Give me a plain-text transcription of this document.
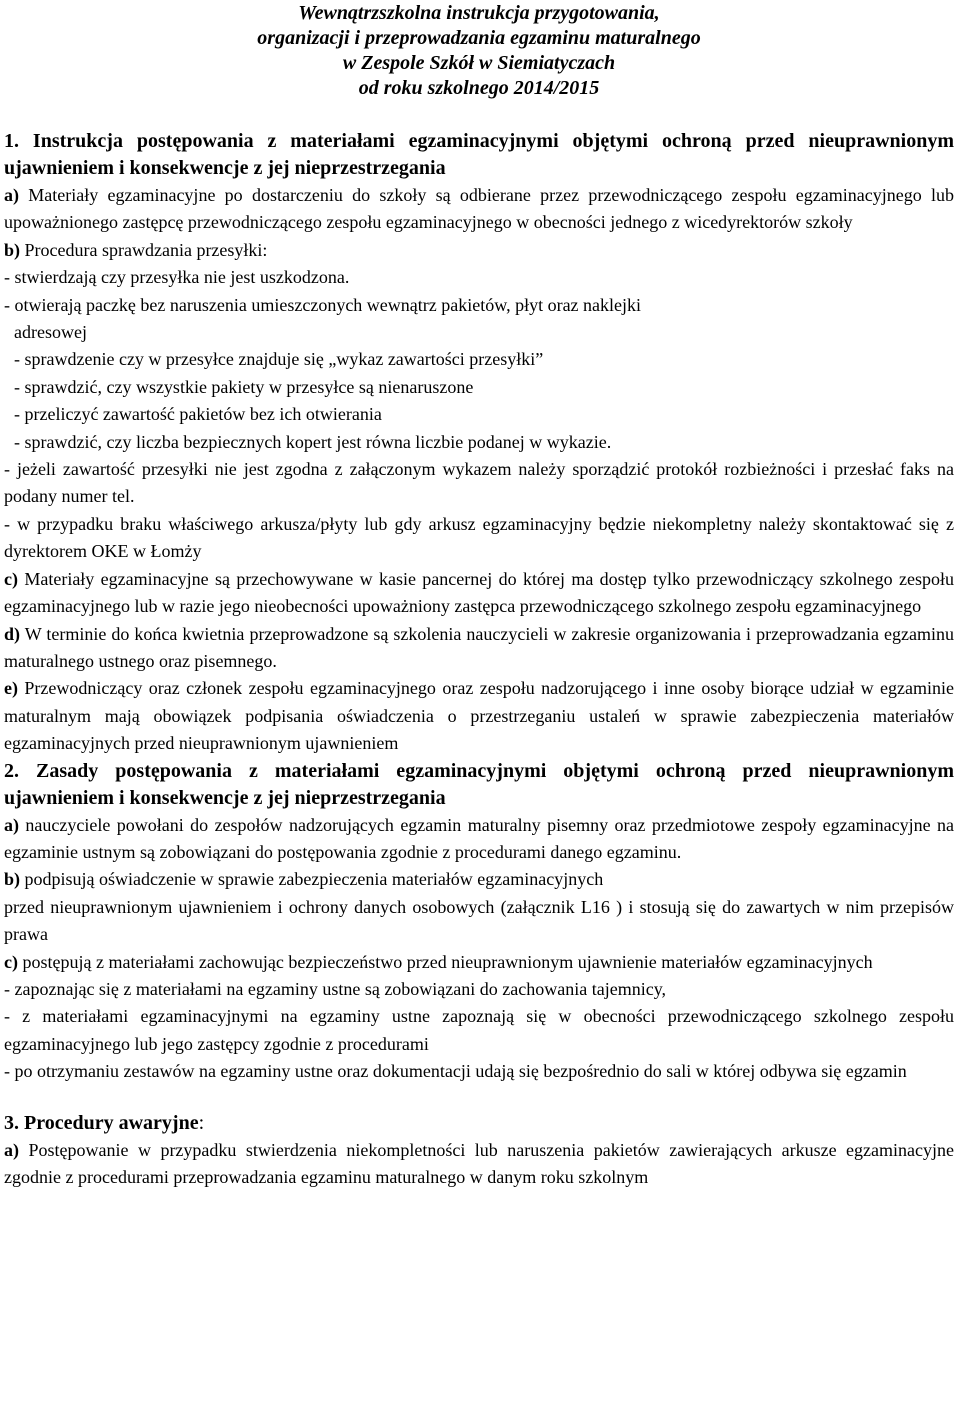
Wewnątrzszkolna instrukcja przygotowania,
organizacji i przeprowadzania egzaminu maturalnego
w Zespole Szkół w Siemiatyczach
od roku szkolnego 2014/2015
1. Instrukcja postępowania z materiałami egzaminacyjnymi objętymi ochroną przed nieuprawnionym ujawnieniem i konsekwencje z jej nieprzestrzegania

a) Materiały egzaminacyjne po dostarczeniu do szkoły są odbierane przez przewodniczącego zespołu egzaminacyjnego lub upoważnionego zastępcę przewodniczącego zespołu egzaminacyjnego w obecności jednego z wicedyrektorów szkoły

b) Procedura sprawdzania przesyłki:

- stwierdzają czy przesyłka nie jest uszkodzona.

- otwierają paczkę bez naruszenia umieszczonych wewnątrz pakietów, płyt oraz naklejki

adresowej

- sprawdzenie czy w przesyłce znajduje się „wykaz zawartości przesyłki”

- sprawdzić, czy wszystkie pakiety w przesyłce są nienaruszone

- przeliczyć zawartość pakietów bez ich otwierania

- sprawdzić, czy liczba bezpiecznych kopert jest równa liczbie podanej w wykazie.

- jeżeli zawartość przesyłki nie jest zgodna z załączonym wykazem należy sporządzić protokół rozbieżności i przesłać faks na podany numer tel.

- w przypadku braku właściwego arkusza/płyty lub gdy arkusz egzaminacyjny będzie niekompletny należy skontaktować się z dyrektorem OKE w Łomży

c) Materiały egzaminacyjne są przechowywane w kasie pancernej do której ma dostęp tylko przewodniczący szkolnego zespołu egzaminacyjnego lub w razie jego nieobecności upoważniony zastępca przewodniczącego szkolnego zespołu egzaminacyjnego

d) W terminie do końca kwietnia przeprowadzone są szkolenia nauczycieli w zakresie organizowania i przeprowadzania egzaminu maturalnego ustnego oraz pisemnego.

e) Przewodniczący oraz członek zespołu egzaminacyjnego oraz zespołu nadzorującego i inne osoby biorące udział w egzaminie maturalnym mają obowiązek podpisania oświadczenia o przestrzeganiu ustaleń w sprawie zabezpieczenia materiałów egzaminacyjnych przed nieuprawnionym ujawnieniem

2. Zasady postępowania z materiałami egzaminacyjnymi objętymi ochroną przed nieuprawnionym ujawnieniem i konsekwencje z jej nieprzestrzegania

a) nauczyciele powołani do zespołów nadzorujących egzamin maturalny pisemny oraz przedmiotowe zespoły egzaminacyjne na egzaminie ustnym są zobowiązani do postępowania zgodnie z procedurami danego egzaminu.

b) podpisują oświadczenie w sprawie zabezpieczenia materiałów egzaminacyjnych

przed nieuprawnionym ujawnieniem i ochrony danych osobowych (załącznik L16 ) i stosują się do zawartych w nim przepisów prawa

c) postępują z materiałami zachowując bezpieczeństwo przed nieuprawnionym ujawnienie materiałów egzaminacyjnych

- zapoznając się z materiałami na egzaminy ustne są zobowiązani do zachowania tajemnicy,

- z materiałami egzaminacyjnymi na egzaminy ustne zapoznają się w obecności przewodniczącego szkolnego zespołu egzaminacyjnego lub jego zastępcy zgodnie z procedurami

- po otrzymaniu zestawów na egzaminy ustne oraz dokumentacji udają się bezpośrednio do sali w której odbywa się egzamin

3. Procedury awaryjne:

a) Postępowanie w przypadku stwierdzenia niekompletności lub naruszenia pakietów zawierających arkusze egzaminacyjne zgodnie z procedurami przeprowadzania egzaminu maturalnego w danym roku szkolnym
